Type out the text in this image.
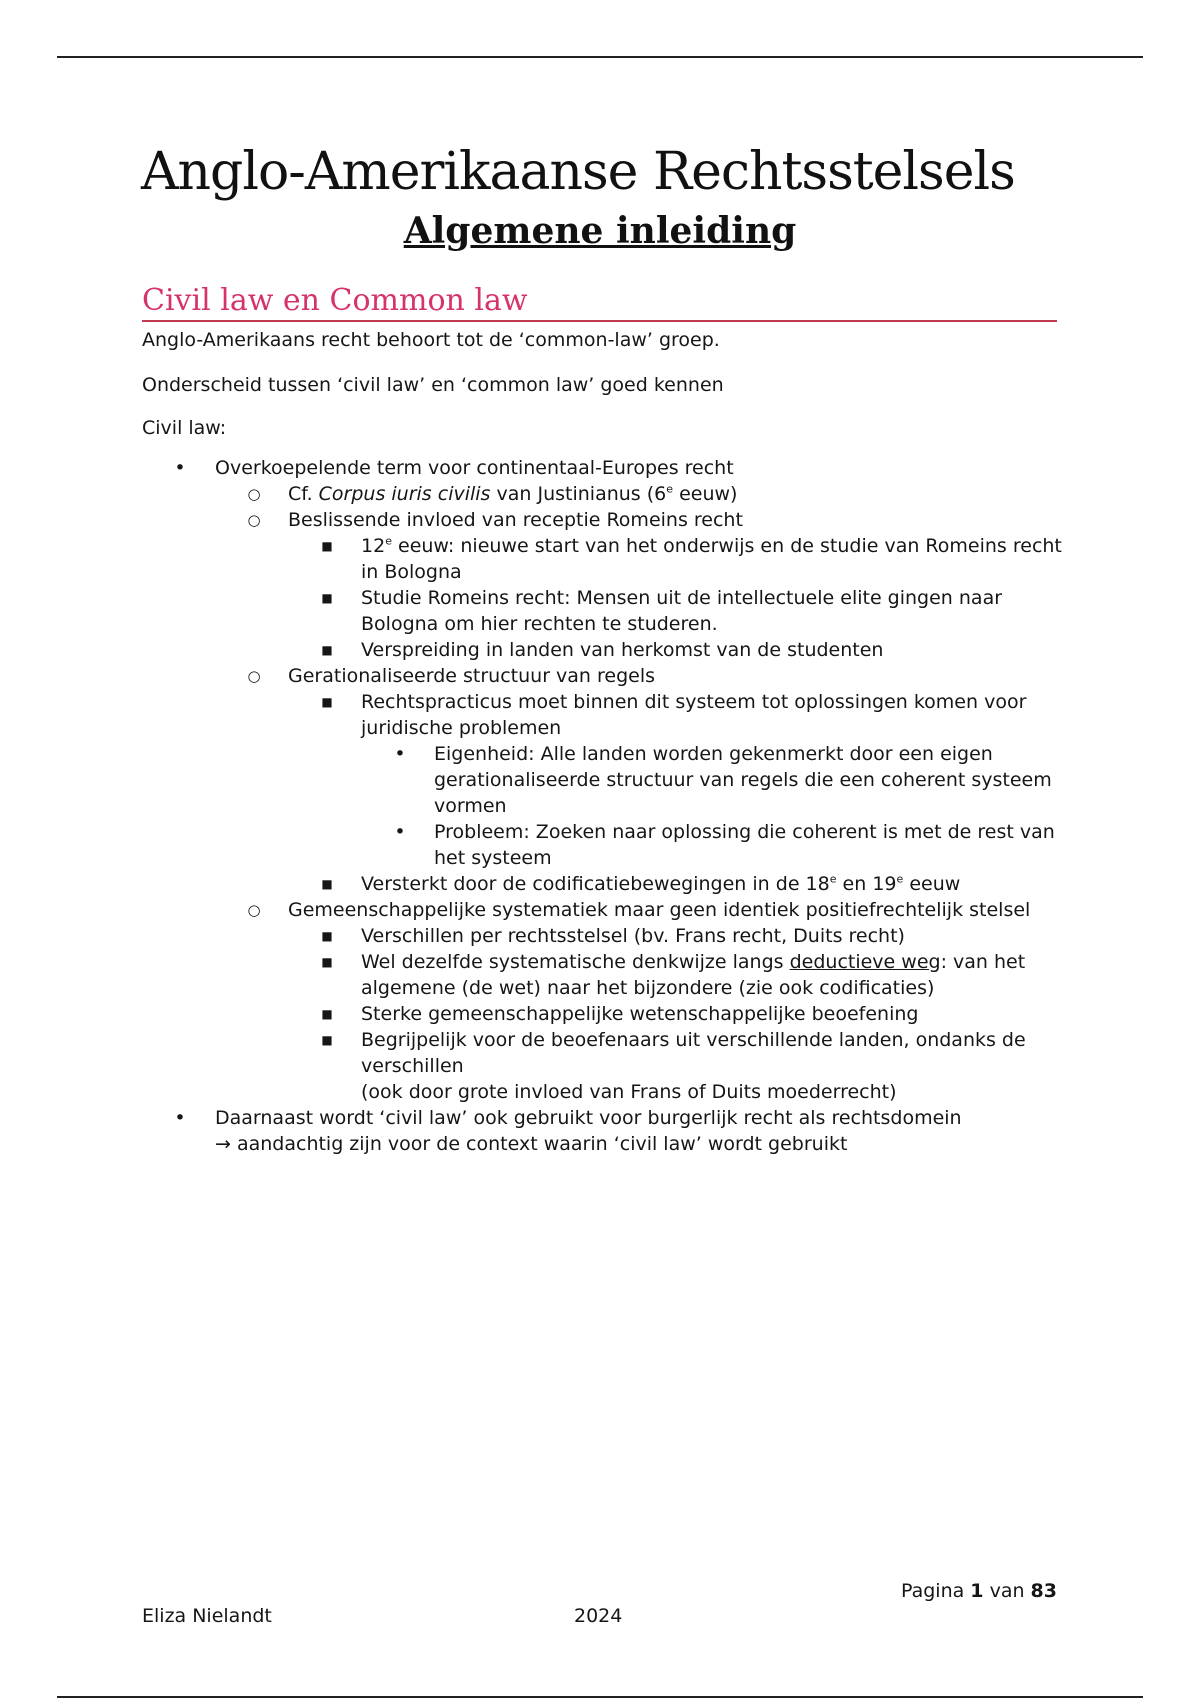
Anglo-Amerikaanse Rechtsstelsels
Algemene inleiding
Civil law en Common law

Anglo-Amerikaans recht behoort tot de ‘common-law’ groep.

Onderscheid tussen ‘civil law’ en ‘common law’ goed kennen

Civil law:

• Overkoepelende term voor continentaal-Europes recht
○ Cf. Corpus iuris civilis van Justinianus (6e eeuw)
○ Beslissende invloed van receptie Romeins recht
■ 12e eeuw: nieuwe start van het onderwijs en de studie van Romeins recht in Bologna
■ Studie Romeins recht: Mensen uit de intellectuele elite gingen naar Bologna om hier rechten te studeren.
■ Verspreiding in landen van herkomst van de studenten
○ Gerationaliseerde structuur van regels
■ Rechtspracticus moet binnen dit systeem tot oplossingen komen voor juridische problemen
• Eigenheid: Alle landen worden gekenmerkt door een eigen gerationaliseerde structuur van regels die een coherent systeem vormen
• Probleem: Zoeken naar oplossing die coherent is met de rest van het systeem
■ Versterkt door de codificatiebewegingen in de 18e en 19e eeuw
○ Gemeenschappelijke systematiek maar geen identiek positiefrechtelijk stelsel
■ Verschillen per rechtsstelsel (bv. Frans recht, Duits recht)
■ Wel dezelfde systematische denkwijze langs deductieve weg: van het algemene (de wet) naar het bijzondere (zie ook codificaties)
■ Sterke gemeenschappelijke wetenschappelijke beoefening
■ Begrijpelijk voor de beoefenaars uit verschillende landen, ondanks de verschillen
(ook door grote invloed van Frans of Duits moederrecht)
• Daarnaast wordt ‘civil law’ ook gebruikt voor burgerlijk recht als rechtsdomein
→ aandachtig zijn voor de context waarin ‘civil law’ wordt gebruikt
Pagina 1 van 83
Eliza Nielandt	2024
